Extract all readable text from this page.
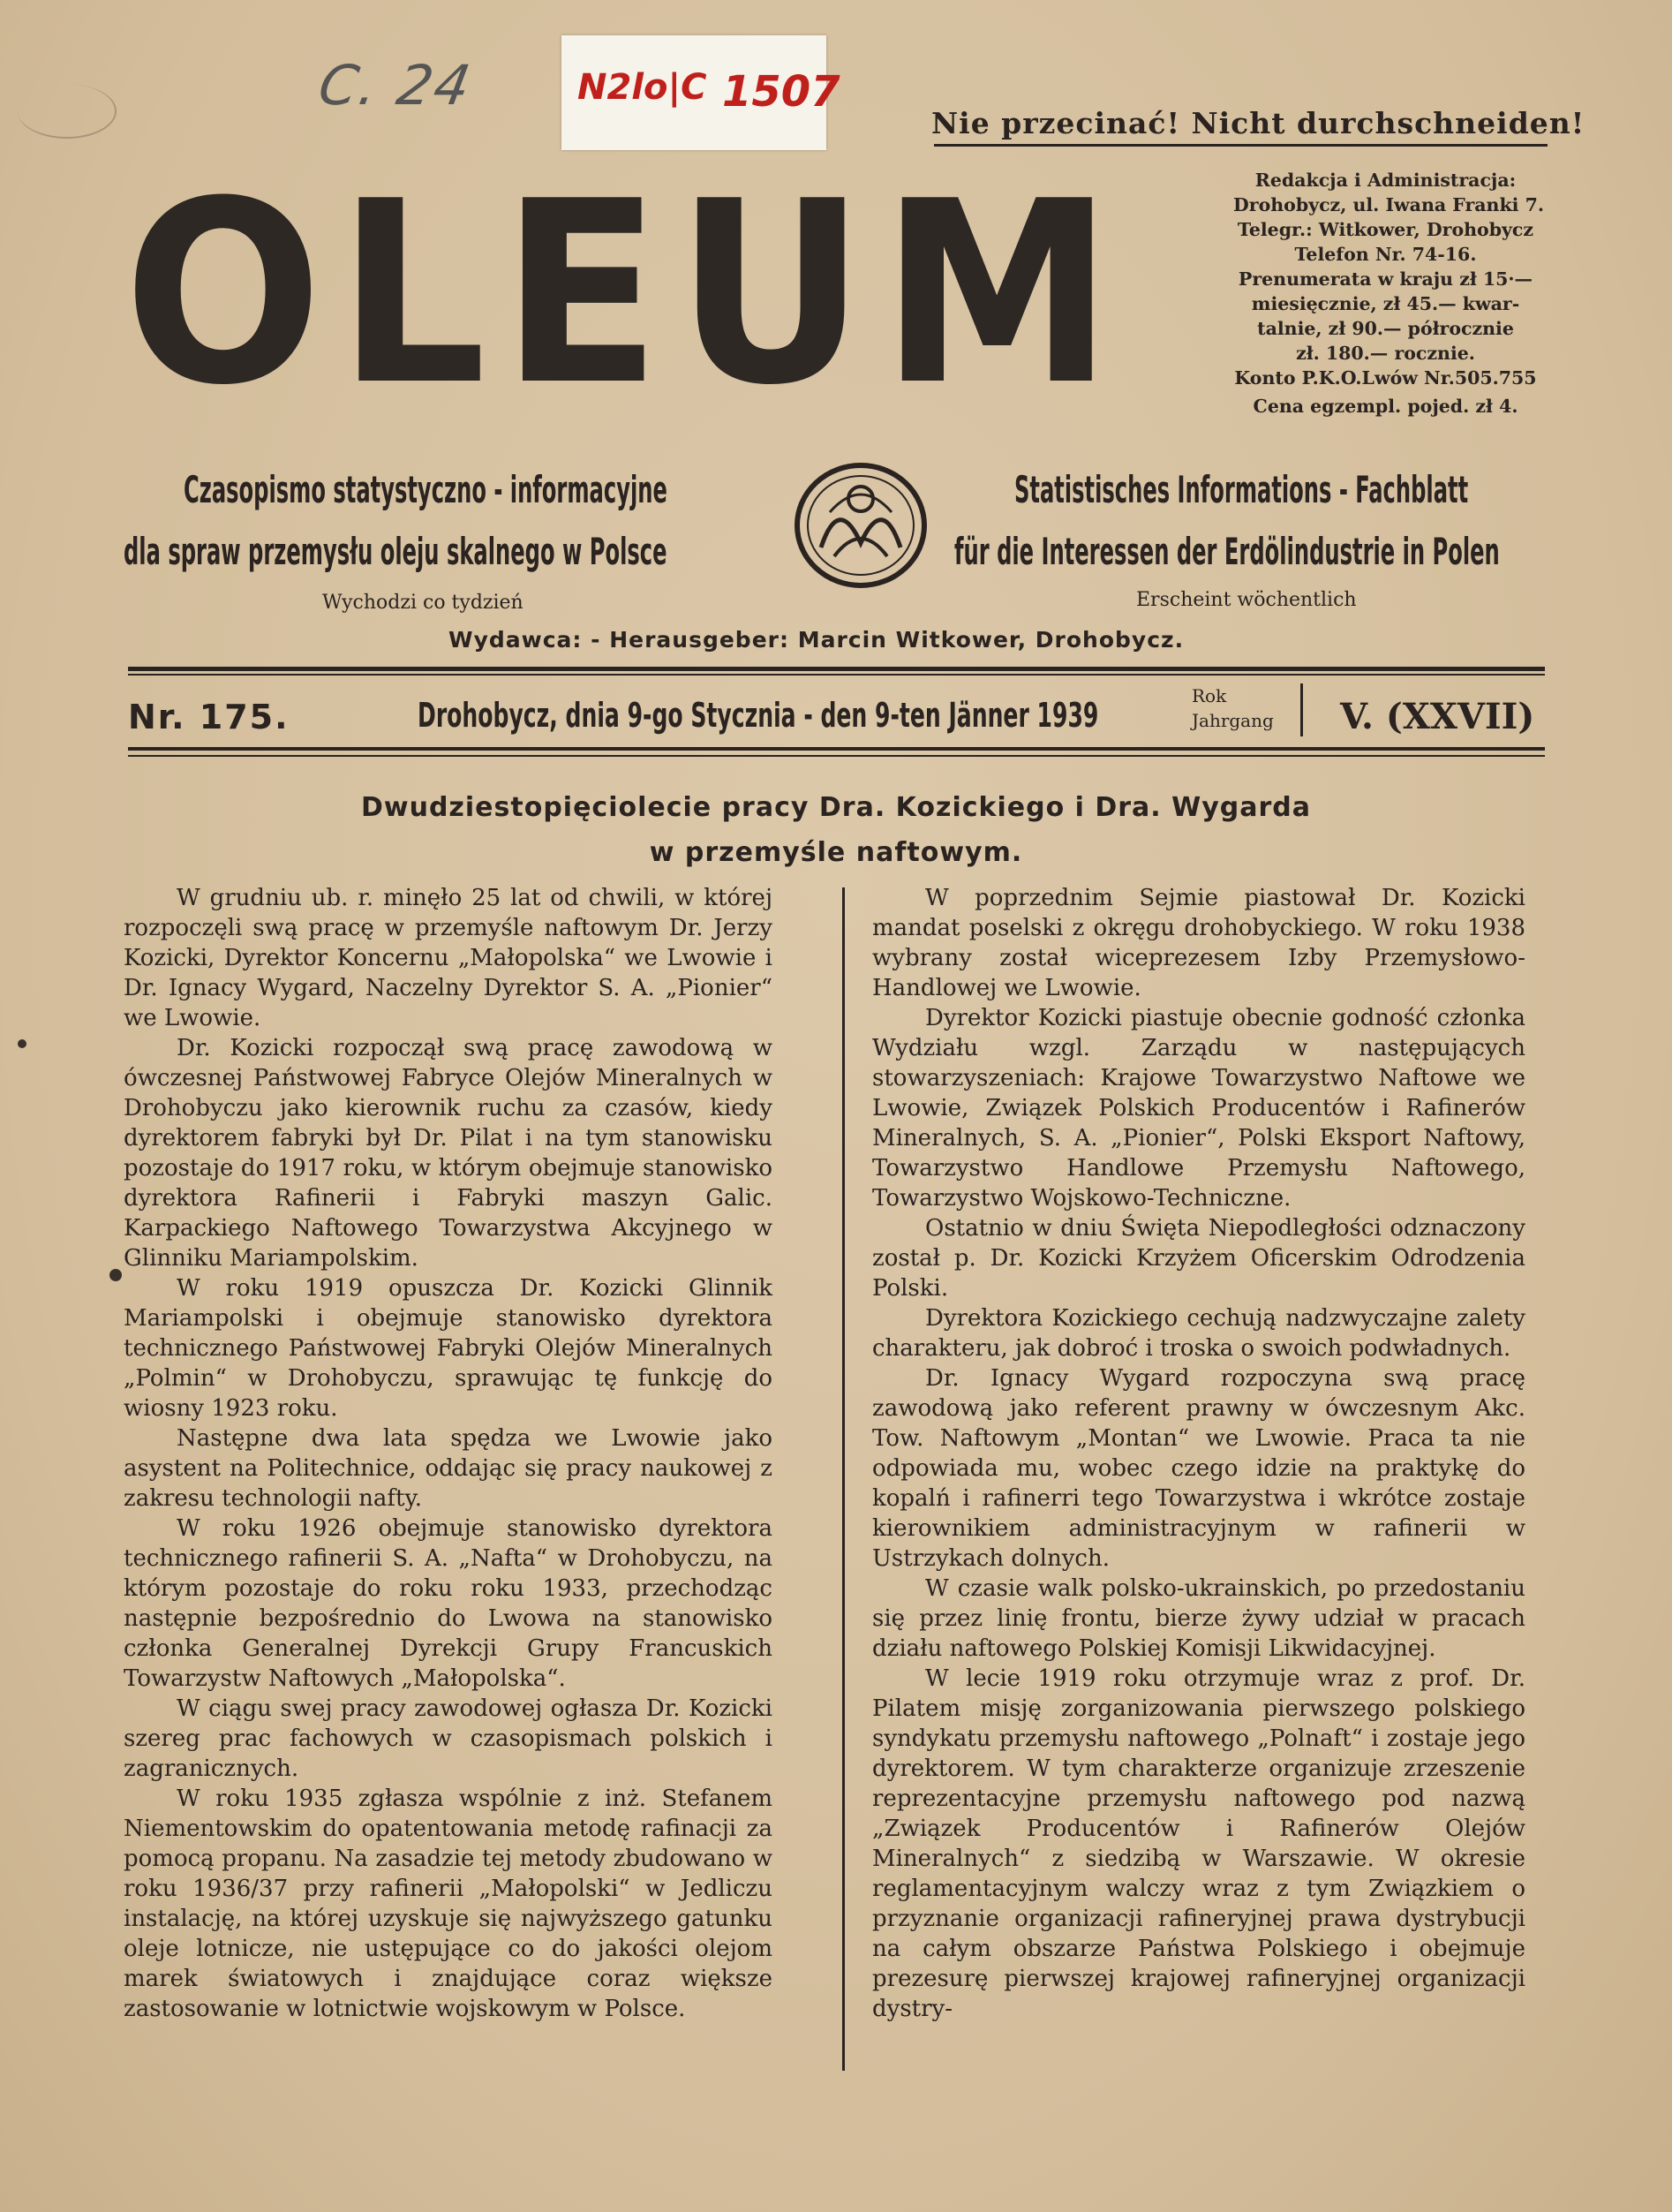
C. 24	N2lo|C 1507
Nie przecinać! Nicht durchschneiden!
OLEUM	Redakcja i Administracja:
Drohobycz, ul. Iwana Franki 7.
Telegr.: Witkower, Drohobycz
Telefon Nr. 74-16.
Prenumerata w kraju zł 15·—
miesięcznie, zł 45.— kwar-
talnie, zł 90.— półrocznie
zł. 180.— rocznie.
Konto P.K.O.Lwów Nr.505.755
Cena egzempl. pojed. zł 4.
Czasopismo statystyczno - informacyjne
dla spraw przemysłu oleju skalnego w Polsce
Statistisches Informations - Fachblatt
für die Interessen der Erdölindustrie in Polen
Wychodzi co tydzień	Erscheint wöchentlich
Wydawca: - Herausgeber: Marcin Witkower, Drohobycz.
Nr. 175.	Drohobycz, dnia 9-go Stycznia - den 9-ten Jänner 1939	Rok
Jahrgang V. (XXVII)
Dwudziestopięciolecie pracy Dra. Kozickiego i Dra. Wygarda
w przemyśle naftowym.

W grudniu ub. r. minęło 25 lat od chwili, w której rozpoczęli swą pracę w przemyśle naftowym Dr. Jerzy Kozicki, Dyrektor Koncernu „Małopolska“ we Lwowie i Dr. Ignacy Wygard, Naczelny Dyrektor S. A. „Pionier“ we Lwowie.

Dr. Kozicki rozpoczął swą pracę zawodową w ówczesnej Państwowej Fabryce Olejów Mineralnych w Drohobyczu jako kierownik ruchu za czasów, kiedy dyrektorem fabryki był Dr. Pilat i na tym stanowisku pozostaje do 1917 roku, w którym obejmuje stanowisko dyrektora Rafinerii i Fabryki maszyn Galic. Karpackiego Naftowego Towarzystwa Akcyjnego w Glinniku Mariampolskim.

W roku 1919 opuszcza Dr. Kozicki Glinnik Mariampolski i obejmuje stanowisko dyrektora technicznego Państwowej Fabryki Olejów Mineralnych „Polmin“ w Drohobyczu, sprawując tę funkcję do wiosny 1923 roku.

Następne dwa lata spędza we Lwowie jako asystent na Politechnice, oddając się pracy naukowej z zakresu technologii nafty.

W roku 1926 obejmuje stanowisko dyrektora technicznego rafinerii S. A. „Nafta“ w Drohobyczu, na którym pozostaje do roku roku 1933, przechodząc następnie bezpośrednio do Lwowa na stanowisko członka Generalnej Dyrekcji Grupy Francuskich Towarzystw Naftowych „Małopolska“.

W ciągu swej pracy zawodowej ogłasza Dr. Kozicki szereg prac fachowych w czasopismach polskich i zagranicznych.

W roku 1935 zgłasza wspólnie z inż. Stefanem Niementowskim do opatentowania metodę rafinacji za pomocą propanu. Na zasadzie tej metody zbudowano w roku 1936/37 przy rafinerii „Małopolski“ w Jedliczu instalację, na której uzyskuje się najwyższego gatunku oleje lotnicze, nie ustępujące co do jakości olejom marek światowych i znajdujące coraz większe zastosowanie w lotnictwie wojskowym w Polsce.

W poprzednim Sejmie piastował Dr. Kozicki mandat poselski z okręgu drohobyckiego. W roku 1938 wybrany został wiceprezesem Izby Przemysłowo-Handlowej we Lwowie.

Dyrektor Kozicki piastuje obecnie godność członka Wydziału wzgl. Zarządu w następujących stowarzyszeniach: Krajowe Towarzystwo Naftowe we Lwowie, Związek Polskich Producentów i Rafinerów Mineralnych, S. A. „Pionier“, Polski Eksport Naftowy, Towarzystwo Handlowe Przemysłu Naftowego, Towarzystwo Wojskowo-Techniczne.

Ostatnio w dniu Święta Niepodległości odznaczony został p. Dr. Kozicki Krzyżem Oficerskim Odrodzenia Polski.

Dyrektora Kozickiego cechują nadzwyczajne zalety charakteru, jak dobroć i troska o swoich podwładnych.

Dr. Ignacy Wygard rozpoczyna swą pracę zawodową jako referent prawny w ówczesnym Akc. Tow. Naftowym „Montan“ we Lwowie. Praca ta nie odpowiada mu, wobec czego idzie na praktykę do kopalń i rafinerri tego Towarzystwa i wkrótce zostaje kierownikiem administracyjnym w rafinerii w Ustrzykach dolnych.

W czasie walk polsko-ukrainskich, po przedostaniu się przez linię frontu, bierze żywy udział w pracach działu naftowego Polskiej Komisji Likwidacyjnej.

W lecie 1919 roku otrzymuje wraz z prof. Dr. Pilatem misję zorganizowania pierwszego polskiego syndykatu przemysłu naftowego „Polnaft“ i zostaje jego dyrektorem. W tym charakterze organizuje zrzeszenie reprezentacyjne przemysłu naftowego pod nazwą „Związek Producentów i Rafinerów Olejów Mineralnych“ z siedzibą w Warszawie. W okresie reglamentacyjnym walczy wraz z tym Związkiem o przyznanie organizacji rafineryjnej prawa dystrybucji na całym obszarze Państwa Polskiego i obejmuje prezesurę pierwszej krajowej rafineryjnej organizacji dystry-
